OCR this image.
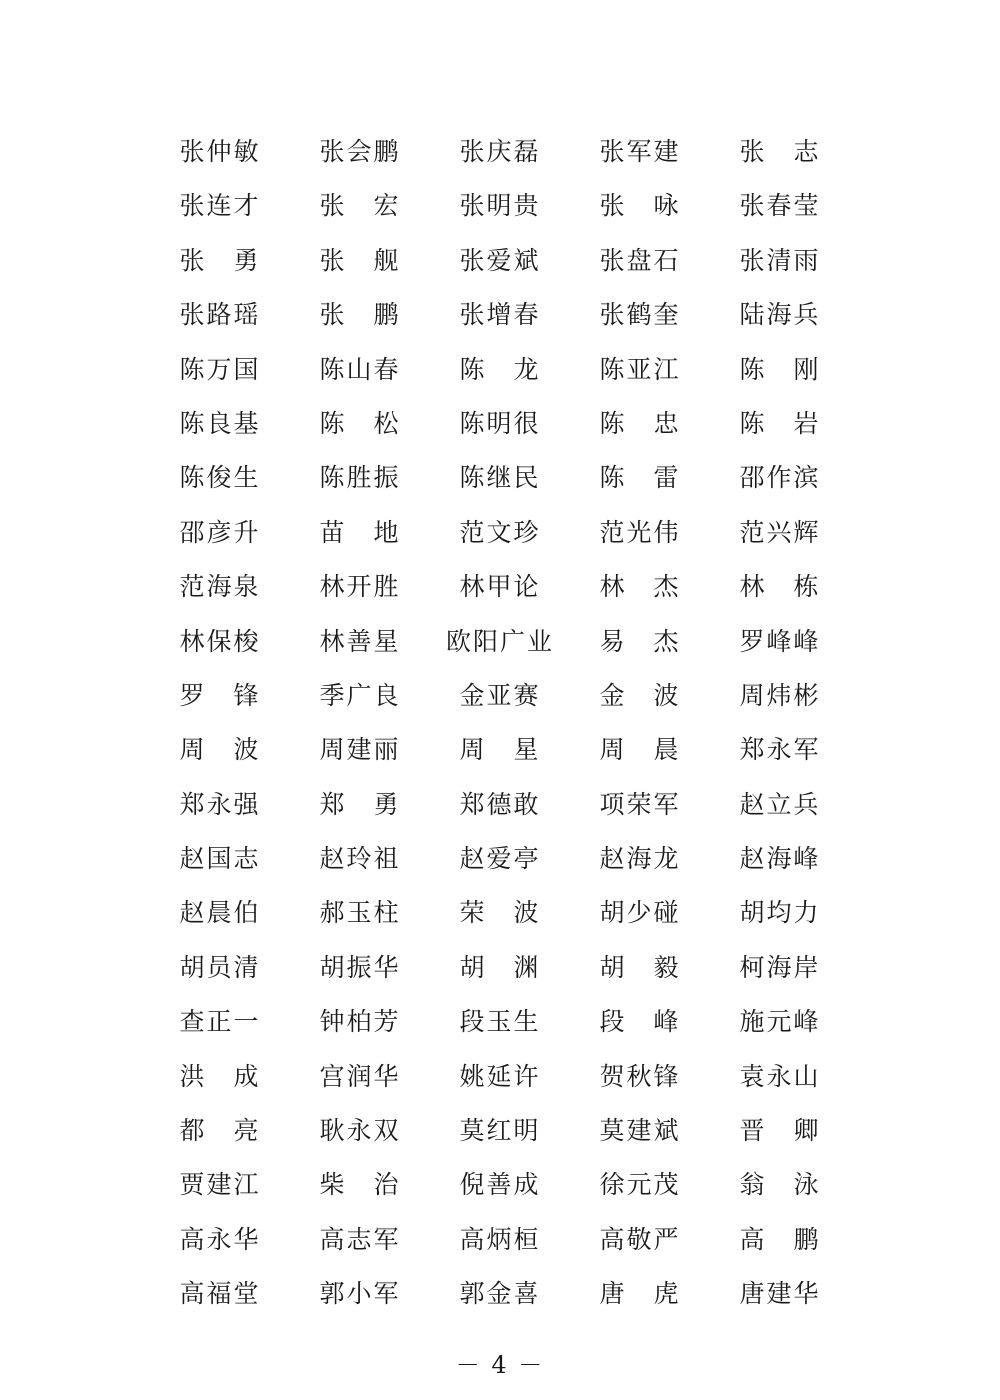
张仲敏	张会鹏	张庆磊	张军建	张　志
张连才	张　宏	张明贵	张　咏	张春莹
张　勇	张　舰	张爱斌	张盘石	张清雨
张路瑶	张　鹏	张增春	张鹤奎	陆海兵
陈万国	陈山春	陈　龙	陈亚江	陈　刚
陈良基	陈　松	陈明很	陈　忠	陈　岩
陈俊生	陈胜振	陈继民	陈　雷	邵作滨
邵彦升	苗　地	范文珍	范光伟	范兴辉
范海泉	林开胜	林甲论	林　杰	林　栋
林保梭	林善星	欧阳广业	易　杰	罗峰峰
罗　锋	季广良	金亚赛	金　波	周炜彬
周　波	周建丽	周　星	周　晨	郑永军
郑永强	郑　勇	郑德敢	项荣军	赵立兵
赵国志	赵玲祖	赵爱亭	赵海龙	赵海峰
赵晨伯	郝玉柱	荣　波	胡少碰	胡均力
胡员清	胡振华	胡　渊	胡　毅	柯海岸
查正一	钟柏芳	段玉生	段　峰	施元峰
洪　成	宫润华	姚延许	贺秋锋	袁永山
都　亮	耿永双	莫红明	莫建斌	晋　卿
贾建江	柴　治	倪善成	徐元茂	翁　泳
高永华	高志军	高炳桓	高敬严	高　鹏
高福堂	郭小军	郭金喜	唐　虎	唐建华
－ 4 －
